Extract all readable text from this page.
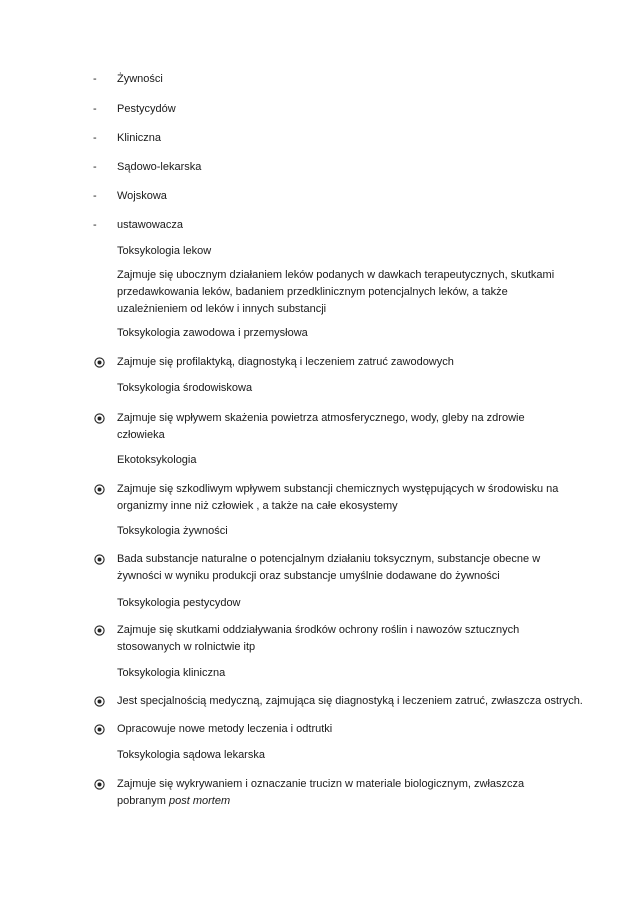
- Żywności
- Pestycydów
- Kliniczna
- Sądowo-lekarska
- Wojskowa
- ustawowacza
Toksykologia lekow
Zajmuje się ubocznym działaniem leków podanych w dawkach terapeutycznych, skutkami
przedawkowania leków, badaniem przedklinicznym potencjalnych leków, a także
uzależnieniem od leków i innych substancji
Toksykologia zawodowa i przemysłowa
Zajmuje się profilaktyką, diagnostyką i leczeniem zatruć zawodowych
Toksykologia środowiskowa
Zajmuje się wpływem skażenia powietrza atmosferycznego, wody, gleby na zdrowie
człowieka
Ekotoksykologia
Zajmuje się szkodliwym wpływem substancji chemicznych występujących w środowisku na
organizmy inne niż człowiek , a także na całe ekosystemy
Toksykologia żywności
Bada substancje naturalne o potencjalnym działaniu toksycznym, substancje obecne w
żywności w wyniku produkcji oraz substancje umyślnie dodawane do żywności
Toksykologia pestycydow
Zajmuje się skutkami oddziaływania środków ochrony roślin i nawozów sztucznych
stosowanych w rolnictwie itp
Toksykologia kliniczna
Jest specjalnością medyczną, zajmująca się diagnostyką i leczeniem zatruć, zwłaszcza ostrych.
Opracowuje nowe metody leczenia i odtrutki
Toksykologia sądowa lekarska
Zajmuje się wykrywaniem i oznaczanie trucizn w materiale biologicznym, zwłaszcza
pobranym post mortem
